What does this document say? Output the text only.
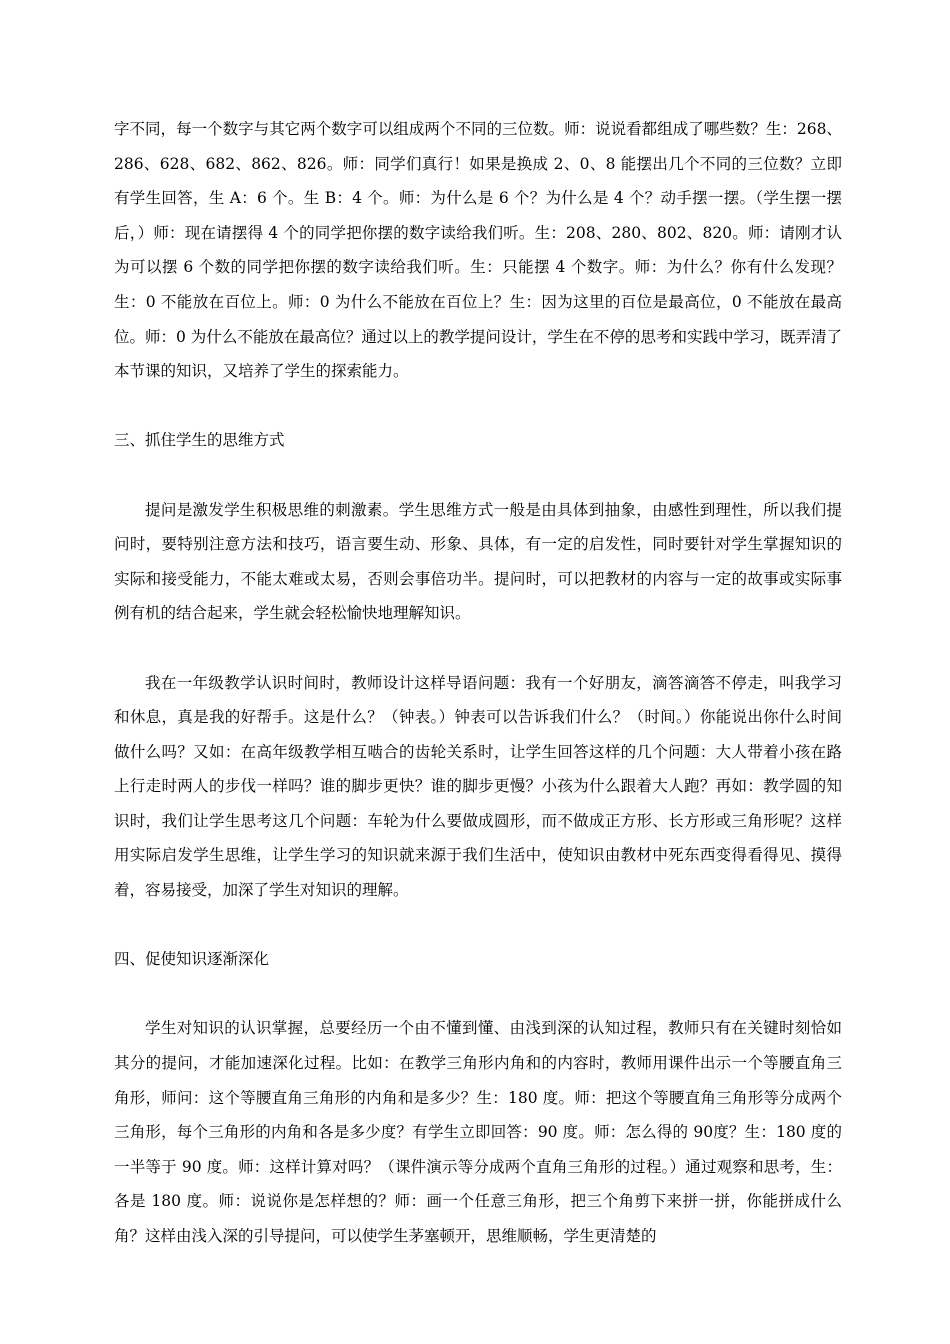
字不同，每一个数字与其它两个数字可以组成两个不同的三位数。师：说说看都组成了哪些数？生：268、286、628、682、862、826。师：同学们真行！如果是换成 2、0、8 能摆出几个不同的三位数？立即有学生回答，生 A：6 个。生 B：4 个。师：为什么是 6 个？为什么是 4 个？动手摆一摆。（学生摆一摆后，）师：现在请摆得 4 个的同学把你摆的数字读给我们听。生：208、280、802、820。师：请刚才认为可以摆 6 个数的同学把你摆的数字读给我们听。生：只能摆 4 个数字。师：为什么？你有什么发现？生：0 不能放在百位上。师：0 为什么不能放在百位上？生：因为这里的百位是最高位，0 不能放在最高位。师：0 为什么不能放在最高位？通过以上的教学提问设计，学生在不停的思考和实践中学习，既弄清了本节课的知识，又培养了学生的探索能力。

三、抓住学生的思维方式

提问是激发学生积极思维的刺激素。学生思维方式一般是由具体到抽象，由感性到理性，所以我们提问时，要特别注意方法和技巧，语言要生动、形象、具体，有一定的启发性，同时要针对学生掌握知识的实际和接受能力，不能太难或太易，否则会事倍功半。提问时，可以把教材的内容与一定的故事或实际事例有机的结合起来，学生就会轻松愉快地理解知识。

我在一年级教学认识时间时，教师设计这样导语问题：我有一个好朋友，滴答滴答不停走，叫我学习和休息，真是我的好帮手。这是什么？（钟表。）钟表可以告诉我们什么？（时间。）你能说出你什么时间做什么吗？又如：在高年级教学相互啮合的齿轮关系时，让学生回答这样的几个问题：大人带着小孩在路上行走时两人的步伐一样吗？谁的脚步更快？谁的脚步更慢？小孩为什么跟着大人跑？再如：教学圆的知识时，我们让学生思考这几个问题：车轮为什么要做成圆形，而不做成正方形、长方形或三角形呢？这样用实际启发学生思维，让学生学习的知识就来源于我们生活中，使知识由教材中死东西变得看得见、摸得着，容易接受，加深了学生对知识的理解。

四、促使知识逐渐深化

学生对知识的认识掌握，总要经历一个由不懂到懂、由浅到深的认知过程，教师只有在关键时刻恰如其分的提问，才能加速深化过程。比如：在教学三角形内角和的内容时，教师用课件出示一个等腰直角三角形，师问：这个等腰直角三角形的内角和是多少？生：180 度。师：把这个等腰直角三角形等分成两个三角形，每个三角形的内角和各是多少度？有学生立即回答：90 度。师：怎么得的 90度？生：180 度的一半等于 90 度。师：这样计算对吗？（课件演示等分成两个直角三角形的过程。）通过观察和思考，生：各是 180 度。师：说说你是怎样想的？师：画一个任意三角形，把三个角剪下来拼一拼，你能拼成什么角？这样由浅入深的引导提问，可以使学生茅塞顿开，思维顺畅，学生更清楚的
